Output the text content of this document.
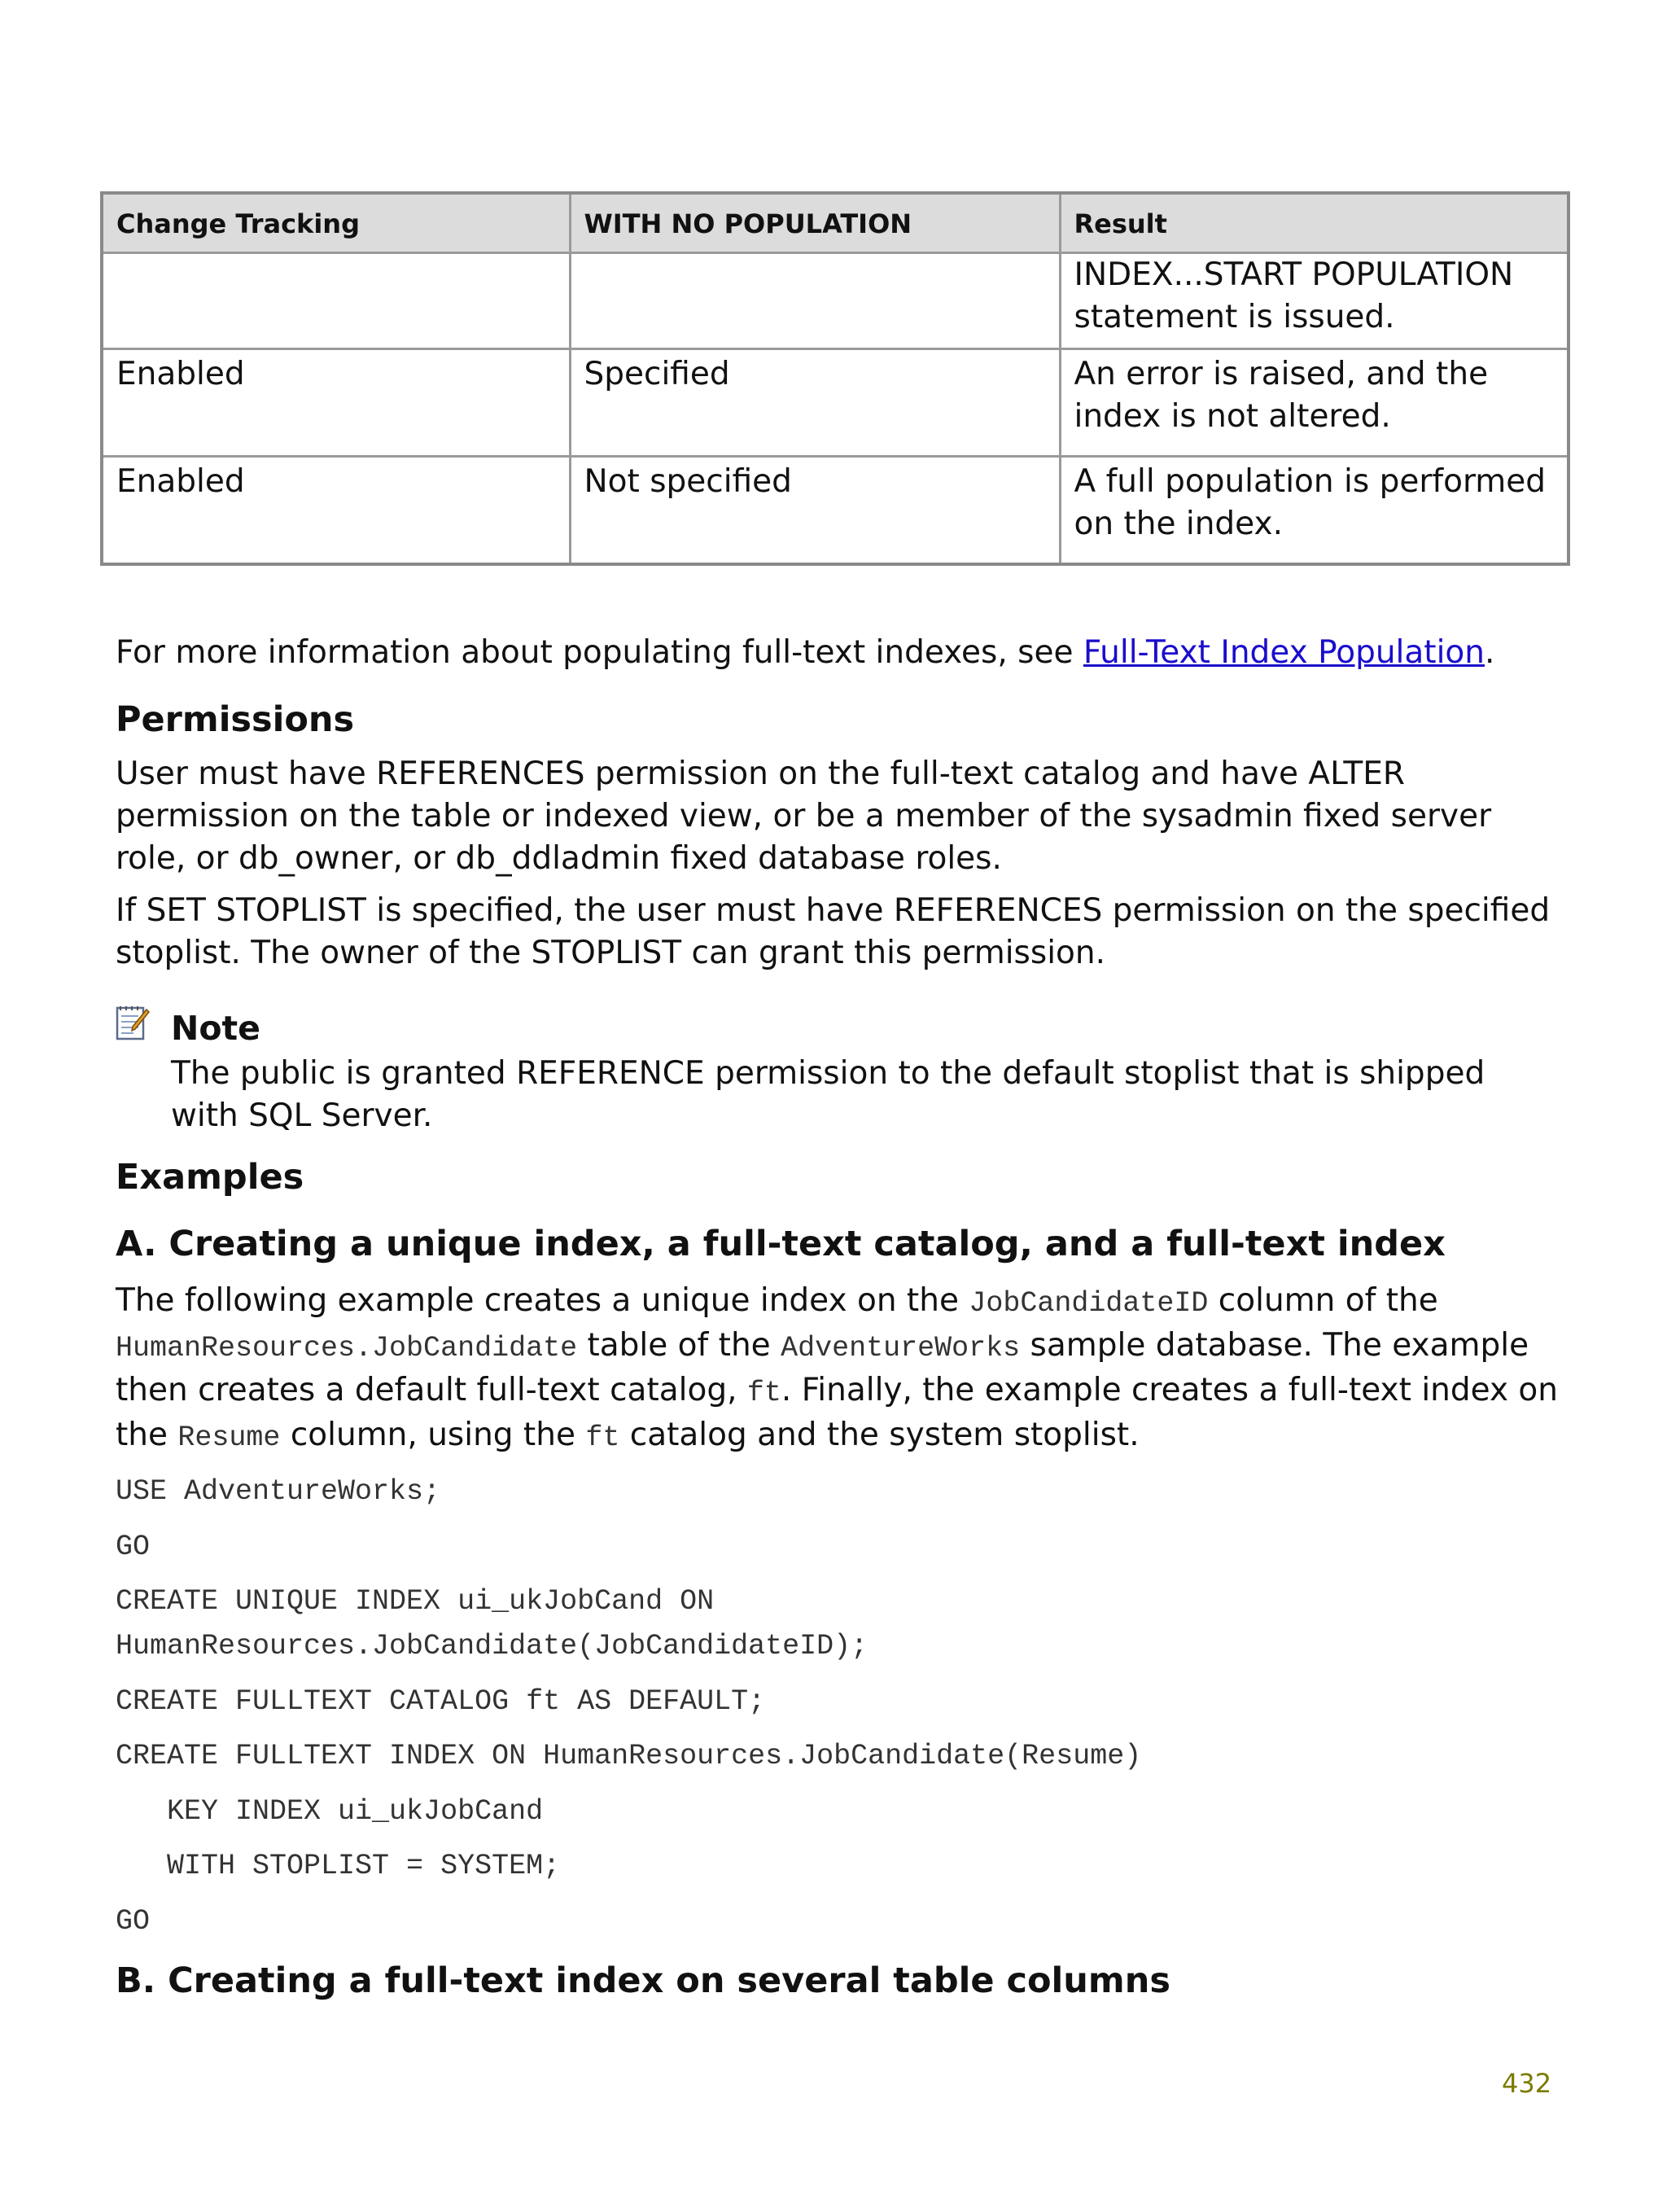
Change Tracking	WITH NO POPULATION	Result
		INDEX...START POPULATION statement is issued.
Enabled	Specified	An error is raised, and the index is not altered.
Enabled	Not specified	A full population is performed on the index.

For more information about populating full-text indexes, see Full-Text Index Population.

Permissions

User must have REFERENCES permission on the full-text catalog and have ALTER permission on the table or indexed view, or be a member of the sysadmin fixed server role, or db_owner, or db_ddladmin fixed database roles.

If SET STOPLIST is specified, the user must have REFERENCES permission on the specified stoplist. The owner of the STOPLIST can grant this permission.

Note

The public is granted REFERENCE permission to the default stoplist that is shipped with SQL Server.

Examples
A. Creating a unique index, a full-text catalog, and a full-text index

The following example creates a unique index on the JobCandidateID column of the HumanResources.JobCandidate table of the AdventureWorks sample database. The example then creates a default full-text catalog, ft. Finally, the example creates a full-text index on the Resume column, using the ft catalog and the system stoplist.

USE AdventureWorks;
GO
CREATE UNIQUE INDEX ui_ukJobCand ON
HumanResources.JobCandidate(JobCandidateID);
CREATE FULLTEXT CATALOG ft AS DEFAULT;
CREATE FULLTEXT INDEX ON HumanResources.JobCandidate(Resume)
KEY INDEX ui_ukJobCand
WITH STOPLIST = SYSTEM;
GO
B. Creating a full-text index on several table columns

432
